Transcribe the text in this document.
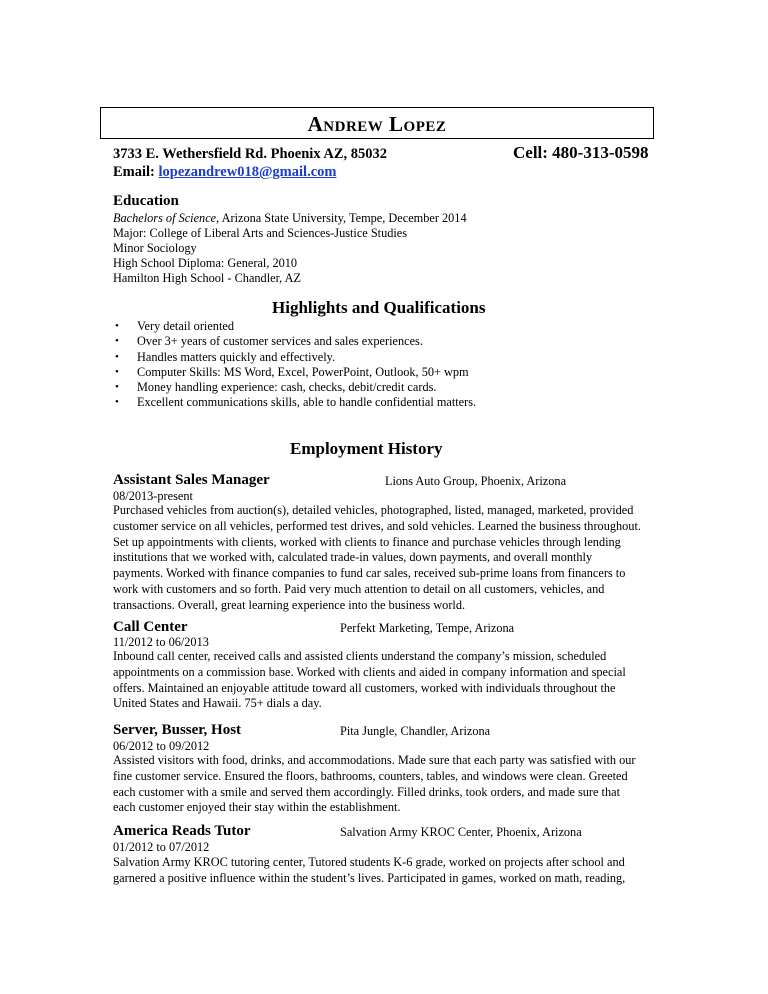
Andrew Lopez
3733 E. Wethersfield Rd. Phoenix AZ, 85032	Cell: 480-313-0598
Email: lopezandrew018@gmail.com
Education
Bachelors of Science, Arizona State University, Tempe, December 2014
Major: College of Liberal Arts and Sciences-Justice Studies
Minor Sociology
High School Diploma: General, 2010
Hamilton High School - Chandler, AZ
Highlights and Qualifications
• Very detail oriented
• Over 3+ years of customer services and sales experiences.
• Handles matters quickly and effectively.
• Computer Skills: MS Word, Excel, PowerPoint, Outlook, 50+ wpm
• Money handling experience: cash, checks, debit/credit cards.
• Excellent communications skills, able to handle confidential matters.
Employment History
Assistant Sales Manager	Lions Auto Group, Phoenix, Arizona
08/2013-present
Purchased vehicles from auction(s), detailed vehicles, photographed, listed, managed, marketed, provided
customer service on all vehicles, performed test drives, and sold vehicles. Learned the business throughout.
Set up appointments with clients, worked with clients to finance and purchase vehicles through lending
institutions that we worked with, calculated trade-in values, down payments, and overall monthly
payments. Worked with finance companies to fund car sales, received sub-prime loans from financers to
work with customers and so forth. Paid very much attention to detail on all customers, vehicles, and
transactions. Overall, great learning experience into the business world.
Call Center	Perfekt Marketing, Tempe, Arizona
11/2012 to 06/2013
Inbound call center, received calls and assisted clients understand the company’s mission, scheduled
appointments on a commission base. Worked with clients and aided in company information and special
offers. Maintained an enjoyable attitude toward all customers, worked with individuals throughout the
United States and Hawaii. 75+ dials a day.
Server, Busser, Host	Pita Jungle, Chandler, Arizona
06/2012 to 09/2012
Assisted visitors with food, drinks, and accommodations. Made sure that each party was satisfied with our
fine customer service. Ensured the floors, bathrooms, counters, tables, and windows were clean. Greeted
each customer with a smile and served them accordingly. Filled drinks, took orders, and made sure that
each customer enjoyed their stay within the establishment.
America Reads Tutor	Salvation Army KROC Center, Phoenix, Arizona
01/2012 to 07/2012
Salvation Army KROC tutoring center, Tutored students K-6 grade, worked on projects after school and
garnered a positive influence within the student’s lives. Participated in games, worked on math, reading,
